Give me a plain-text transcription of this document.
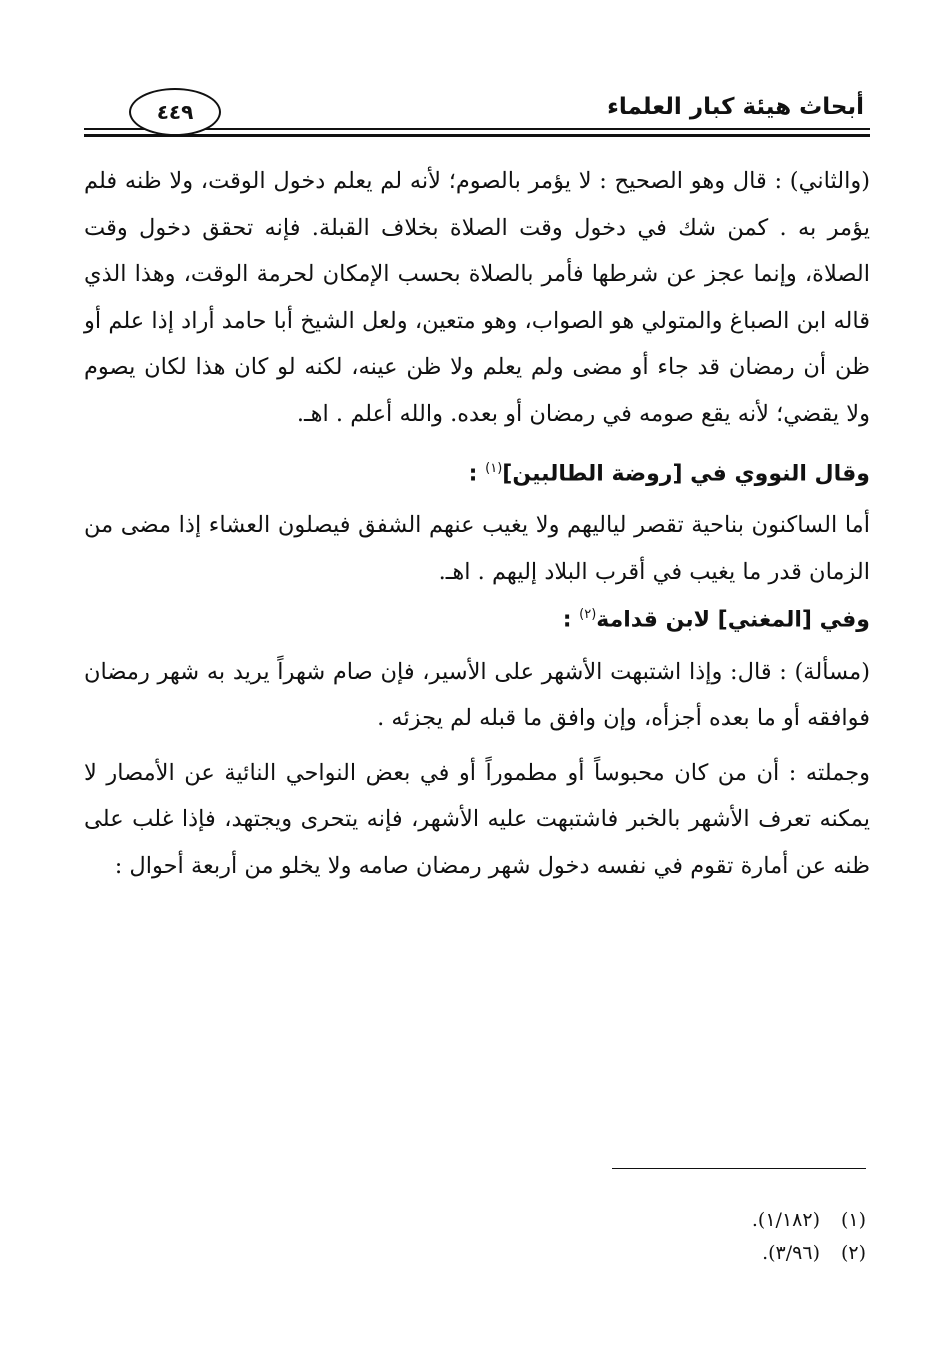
أبحاث هيئة كبار العلماء
٤٤٩

(والثاني) : قال وهو الصحيح : لا يؤمر بالصوم؛ لأنه لم يعلم دخول الوقت، ولا ظنه فلم يؤمر به . كمن شك في دخول وقت الصلاة بخلاف القبلة. فإنه تحقق دخول وقت الصلاة، وإنما عجز عن شرطها فأمر بالصلاة بحسب الإمكان لحرمة الوقت، وهذا الذي قاله ابن الصباغ والمتولي هو الصواب، وهو متعين، ولعل الشيخ أبا حامد أراد إذا علم أو ظن أن رمضان قد جاء أو مضى ولم يعلم ولا ظن عينه، لكنه لو كان هذا لكان يصوم ولا يقضي؛ لأنه يقع صومه في رمضان أو بعده. والله أعلم . اهـ.

وقال النووي في [روضة الطالبين]$^{(١)}$ :

أما الساكنون بناحية تقصر لياليهم ولا يغيب عنهم الشفق فيصلون العشاء إذا مضى من الزمان قدر ما يغيب في أقرب البلاد إليهم . اهـ.

وفي [المغني] لابن قدامة$^{(٢)}$ :

(مسألة) : قال: وإذا اشتبهت الأشهر على الأسير، فإن صام شهراً يريد به شهر رمضان فوافقه أو ما بعده أجزأه، وإن وافق ما قبله لم يجزئه .

وجملته : أن من كان محبوساً أو مطموراً أو في بعض النواحي النائية عن الأمصار لا يمكنه تعرف الأشهر بالخبر فاشتبهت عليه الأشهر، فإنه يتحرى ويجتهد، فإذا غلب على ظنه عن أمارة تقوم في نفسه دخول شهر رمضان صامه ولا يخلو من أربعة أحوال :

(١)(١/١٨٢).
(٢)(٣/٩٦).
